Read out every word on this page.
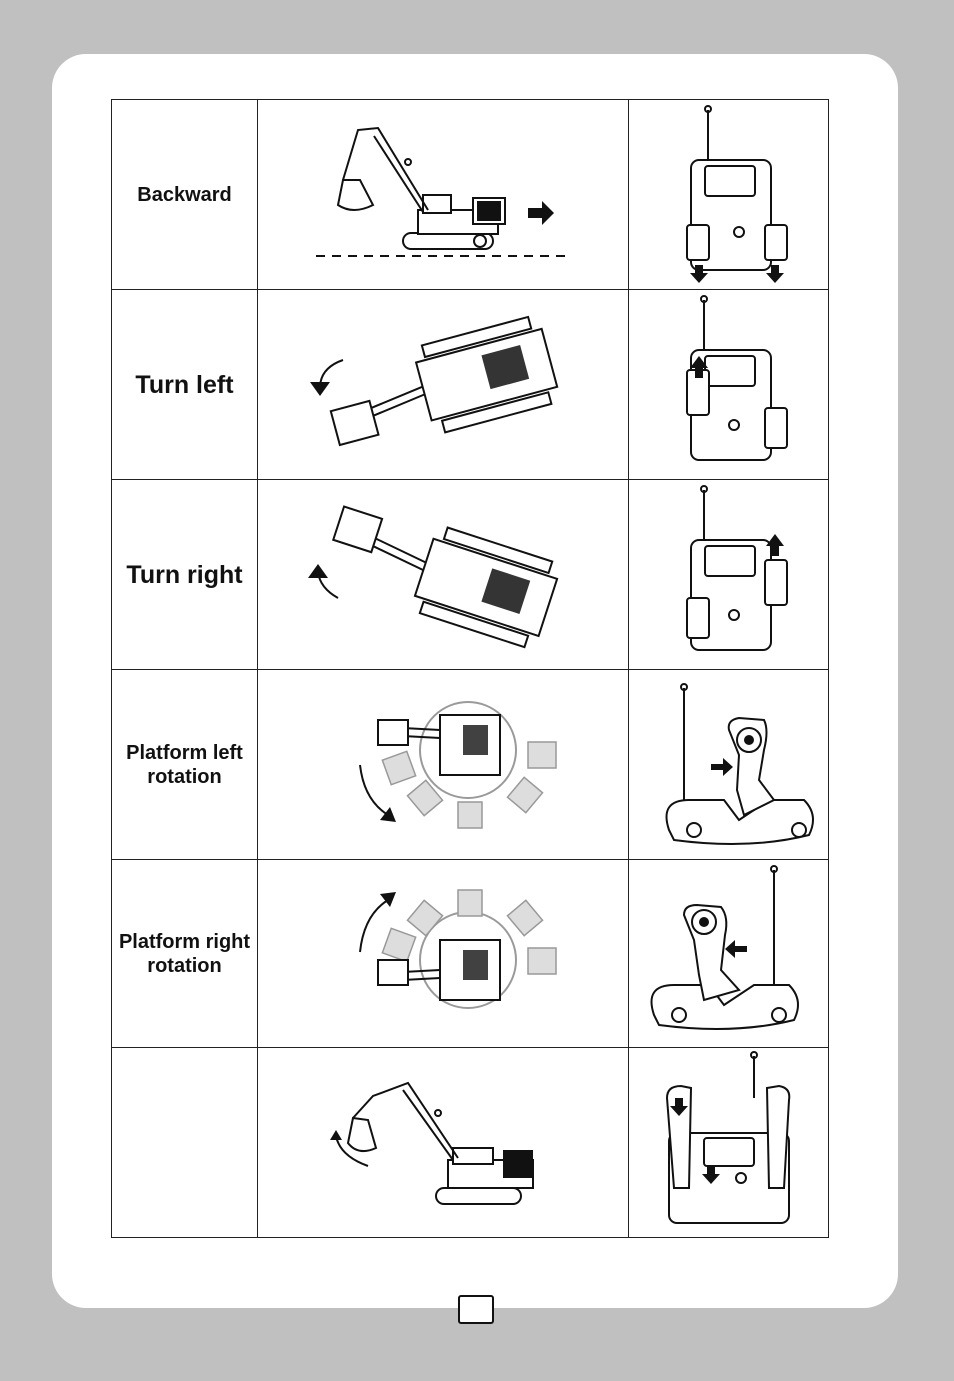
Backward

Turn left

Turn right

Platform left
rotation

Platform right
rotation
